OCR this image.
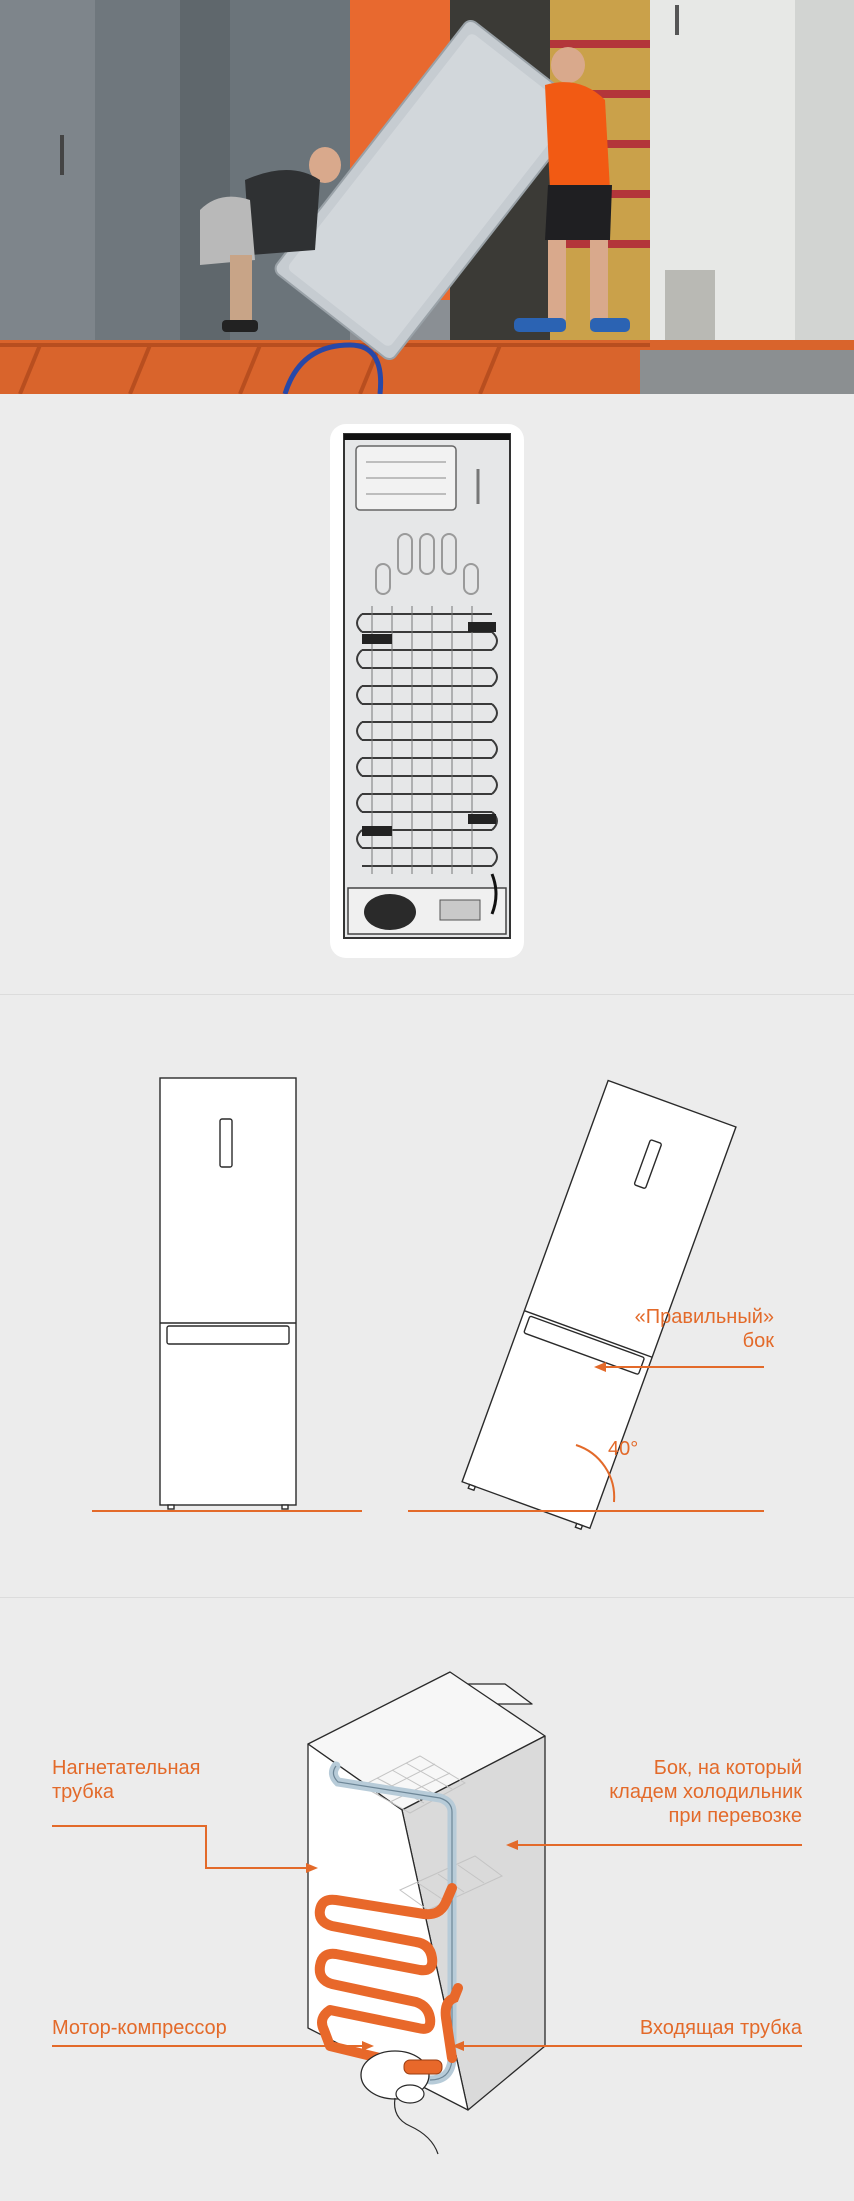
«Правильный»
бок
40°
Нагнетательная
трубка
Бок, на который
кладем холодильник
при перевозке
Мотор-компрессор	Входящая трубка
